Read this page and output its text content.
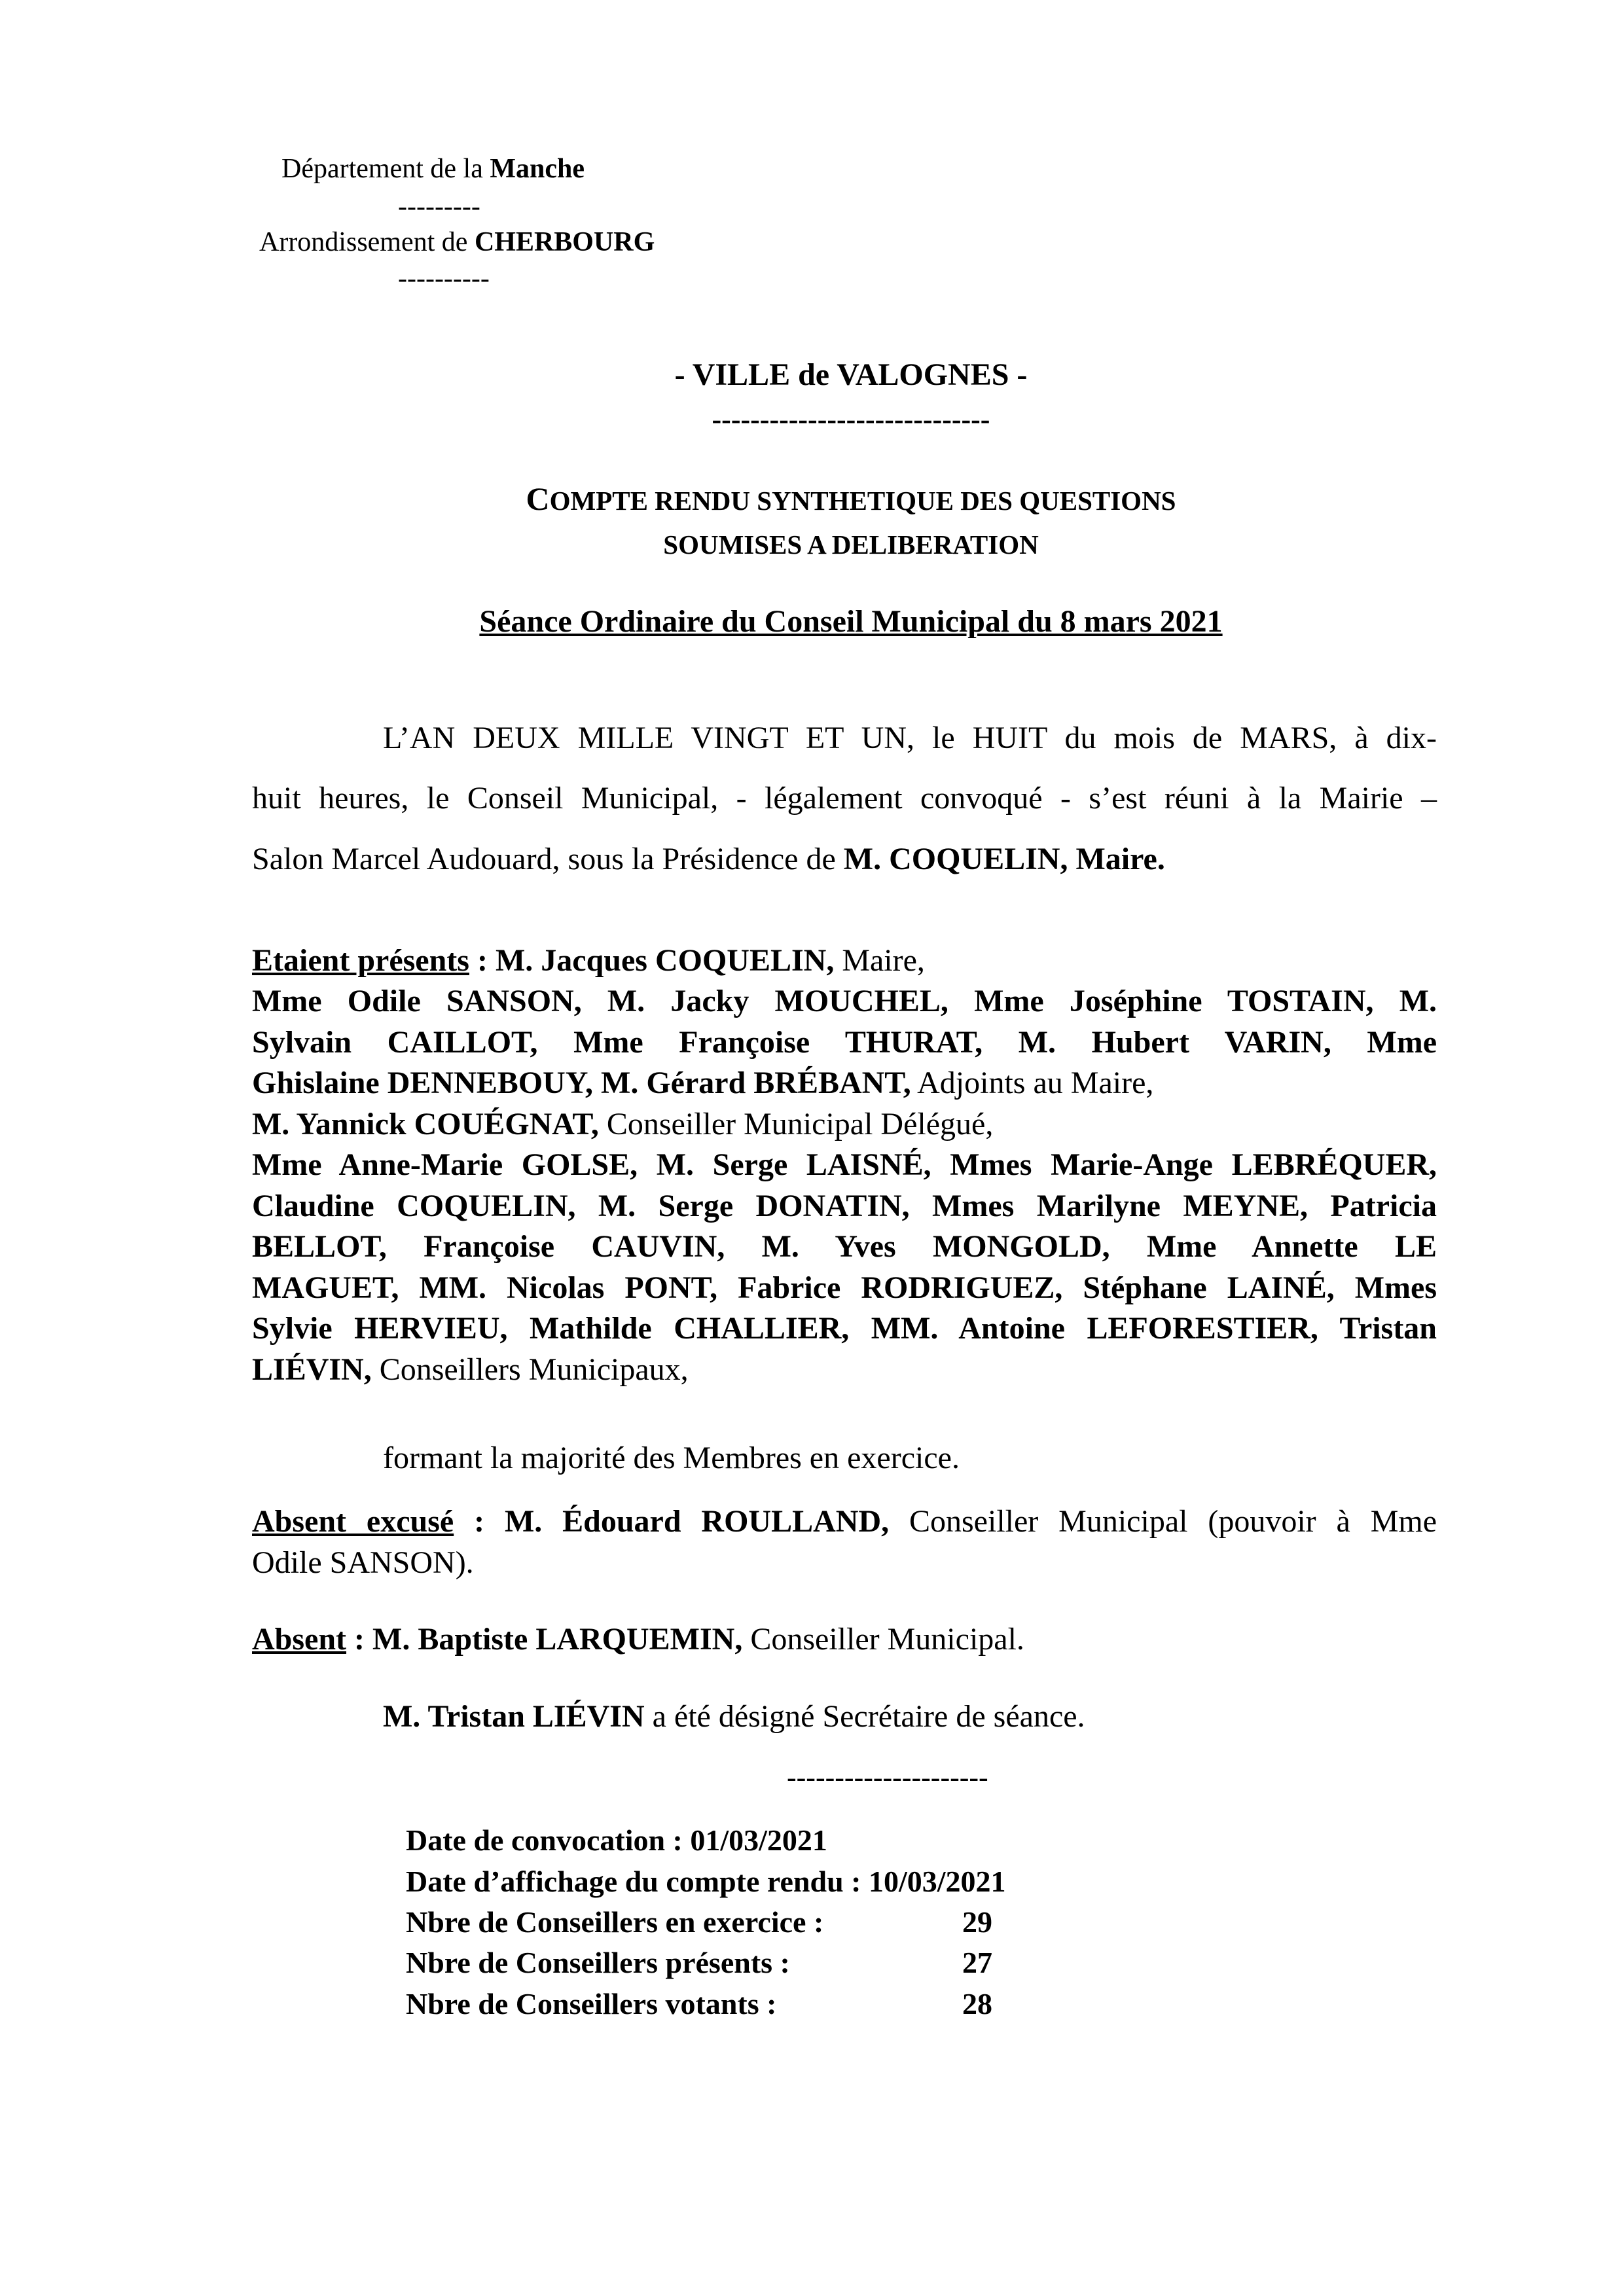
Département de la Manche
---------
Arrondissement de CHERBOURG
----------
- VILLE de VALOGNES -
-----------------------------
COMPTE RENDU SYNTHETIQUE DES QUESTIONS
SOUMISES A DELIBERATION
Séance Ordinaire du Conseil Municipal du 8 mars 2021
L’AN DEUX MILLE VINGT ET UN, le HUIT du mois de MARS, à dix-
huit heures, le Conseil Municipal, - légalement convoqué - s’est réuni à la Mairie –
Salon Marcel Audouard, sous la Présidence de M. COQUELIN, Maire.
Etaient présents : M. Jacques COQUELIN, Maire,
Mme Odile SANSON, M. Jacky MOUCHEL, Mme Joséphine TOSTAIN, M.
Sylvain CAILLOT, Mme Françoise THURAT, M. Hubert VARIN, Mme
Ghislaine DENNEBOUY, M. Gérard BRÉBANT, Adjoints au Maire,
M. Yannick COUÉGNAT, Conseiller Municipal Délégué,
Mme Anne-Marie GOLSE, M. Serge LAISNÉ, Mmes Marie-Ange LEBRÉQUER,
Claudine COQUELIN, M. Serge DONATIN, Mmes Marilyne MEYNE, Patricia
BELLOT, Françoise CAUVIN, M. Yves MONGOLD, Mme Annette LE
MAGUET, MM. Nicolas PONT, Fabrice RODRIGUEZ, Stéphane LAINÉ, Mmes
Sylvie HERVIEU, Mathilde CHALLIER, MM. Antoine LEFORESTIER, Tristan
LIÉVIN, Conseillers Municipaux,
formant la majorité des Membres en exercice.
Absent excusé : M. Édouard ROULLAND, Conseiller Municipal (pouvoir à Mme
Odile SANSON).
Absent : M. Baptiste LARQUEMIN, Conseiller Municipal.
M. Tristan LIÉVIN a été désigné Secrétaire de séance.
---------------------
Date de convocation : 01/03/2021
Date d’affichage du compte rendu : 10/03/2021
Nbre de Conseillers en exercice :	29
Nbre de Conseillers présents :	27
Nbre de Conseillers votants :	28
